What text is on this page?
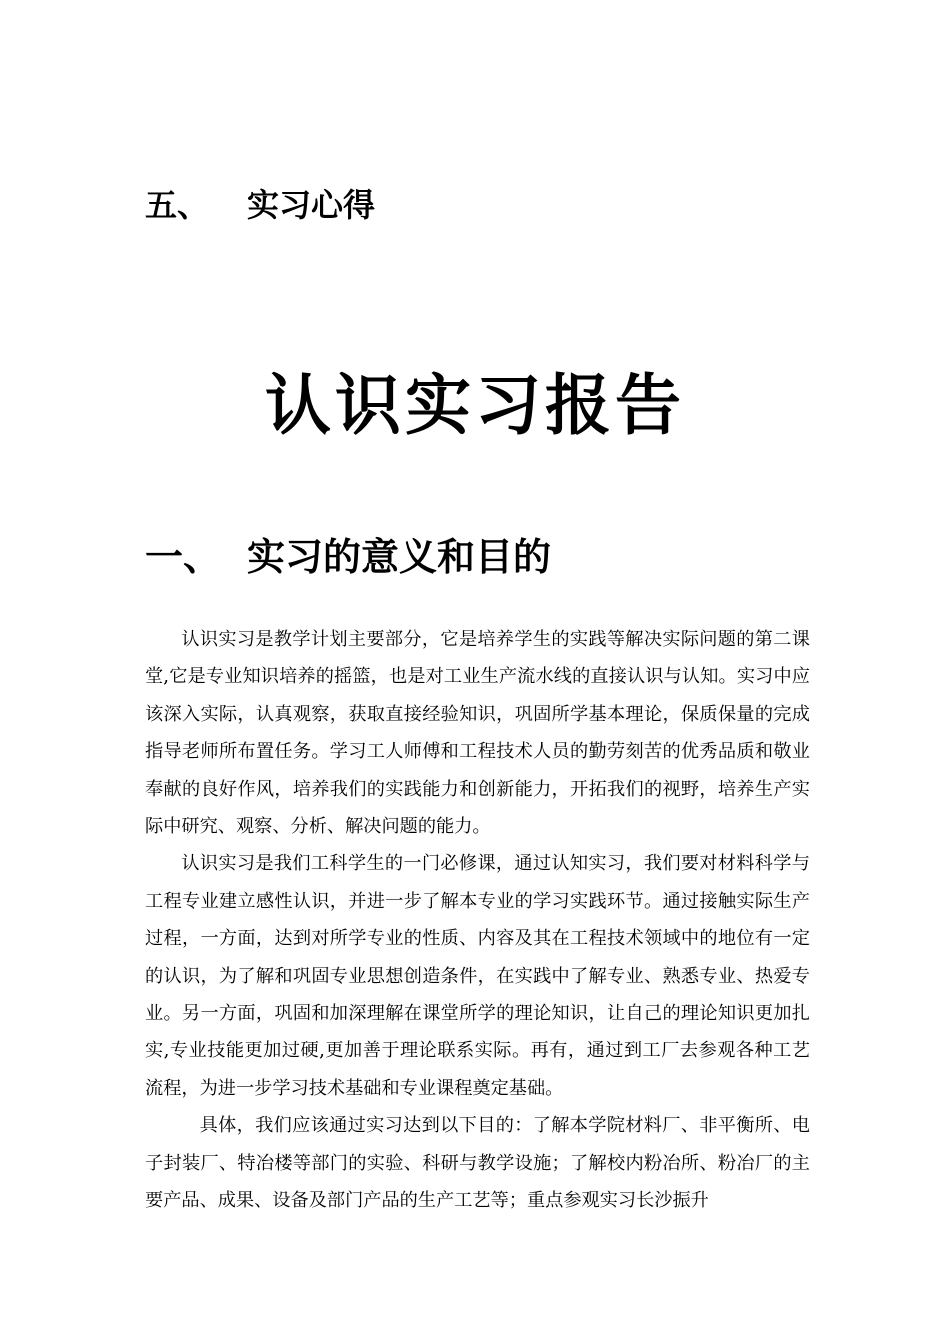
五、	实习心得
认识实习报告
一、 实习的意义和目的

认识实习是教学计划主要部分，它是培养学生的实践等解决实际问题的第二课堂,它是专业知识培养的摇篮，也是对工业生产流水线的直接认识与认知。实习中应该深入实际，认真观察，获取直接经验知识，巩固所学基本理论，保质保量的完成指导老师所布置任务。学习工人师傅和工程技术人员的勤劳刻苦的优秀品质和敬业奉献的良好作风，培养我们的实践能力和创新能力，开拓我们的视野，培养生产实际中研究、观察、分析、解决问题的能力。

认识实习是我们工科学生的一门必修课，通过认知实习，我们要对材料科学与工程专业建立感性认识，并进一步了解本专业的学习实践环节。通过接触实际生产过程，一方面，达到对所学专业的性质、内容及其在工程技术领域中的地位有一定的认识，为了解和巩固专业思想创造条件，在实践中了解专业、熟悉专业、热爱专业。另一方面，巩固和加深理解在课堂所学的理论知识，让自己的理论知识更加扎实,专业技能更加过硬,更加善于理论联系实际。再有，通过到工厂去参观各种工艺流程，为进一步学习技术基础和专业课程奠定基础。

具体，我们应该通过实习达到以下目的：了解本学院材料厂、非平衡所、电子封装厂、特冶楼等部门的实验、科研与教学设施；了解校内粉冶所、粉冶厂的主要产品、成果、设备及部门产品的生产工艺等；重点参观实习长沙振升
